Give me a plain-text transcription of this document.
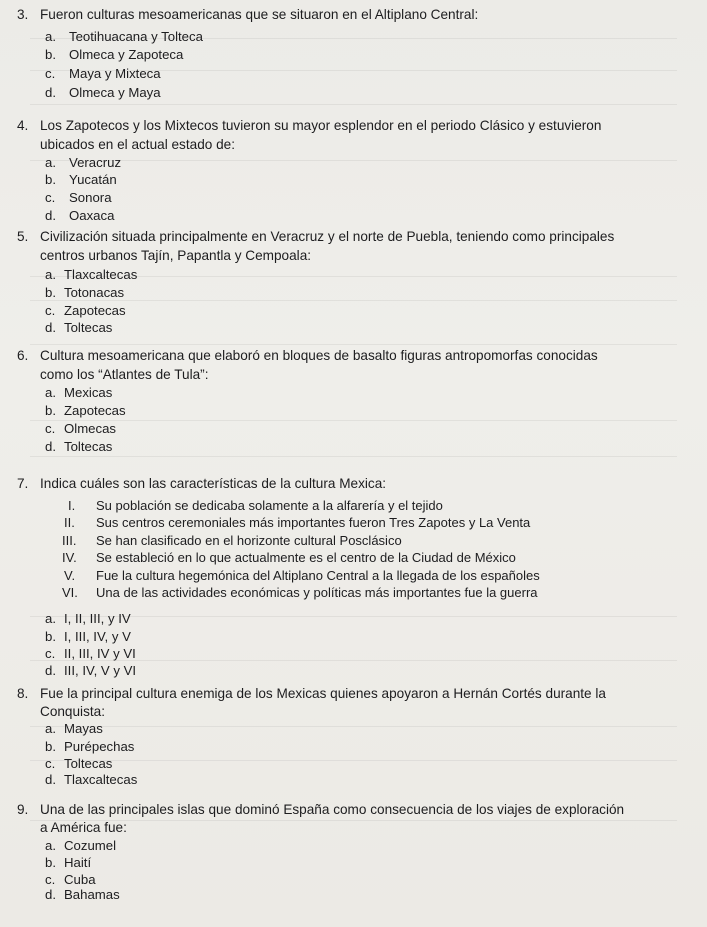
3. Fueron culturas mesoamericanas que se situaron en el Altiplano Central:
a. Teotihuacana y Tolteca
b. Olmeca y Zapoteca
c. Maya y Mixteca
d. Olmeca y Maya
4. Los Zapotecos y los Mixtecos tuvieron su mayor esplendor en el periodo Clásico y estuvieron
ubicados en el actual estado de:
a. Veracruz
b. Yucatán
c. Sonora
d. Oaxaca
5. Civilización situada principalmente en Veracruz y el norte de Puebla, teniendo como principales
centros urbanos Tajín, Papantla y Cempoala:
a. Tlaxcaltecas
b. Totonacas
c. Zapotecas
d. Toltecas
6. Cultura mesoamericana que elaboró en bloques de basalto figuras antropomorfas conocidas
como los “Atlantes de Tula”:
a. Mexicas
b. Zapotecas
c. Olmecas
d. Toltecas
7. Indica cuáles son las características de la cultura Mexica:
I. Su población se dedicaba solamente a la alfarería y el tejido
II. Sus centros ceremoniales más importantes fueron Tres Zapotes y La Venta
III. Se han clasificado en el horizonte cultural Posclásico
IV. Se estableció en lo que actualmente es el centro de la Ciudad de México
V. Fue la cultura hegemónica del Altiplano Central a la llegada de los españoles
VI. Una de las actividades económicas y políticas más importantes fue la guerra
a. I, II, III, y IV
b. I, III, IV, y V
c. II, III, IV y VI
d. III, IV, V y VI
8. Fue la principal cultura enemiga de los Mexicas quienes apoyaron a Hernán Cortés durante la
Conquista:
a. Mayas
b. Purépechas
c. Toltecas
d. Tlaxcaltecas
9. Una de las principales islas que dominó España como consecuencia de los viajes de exploración
a América fue:
a. Cozumel
b. Haití
c. Cuba
d. Bahamas
